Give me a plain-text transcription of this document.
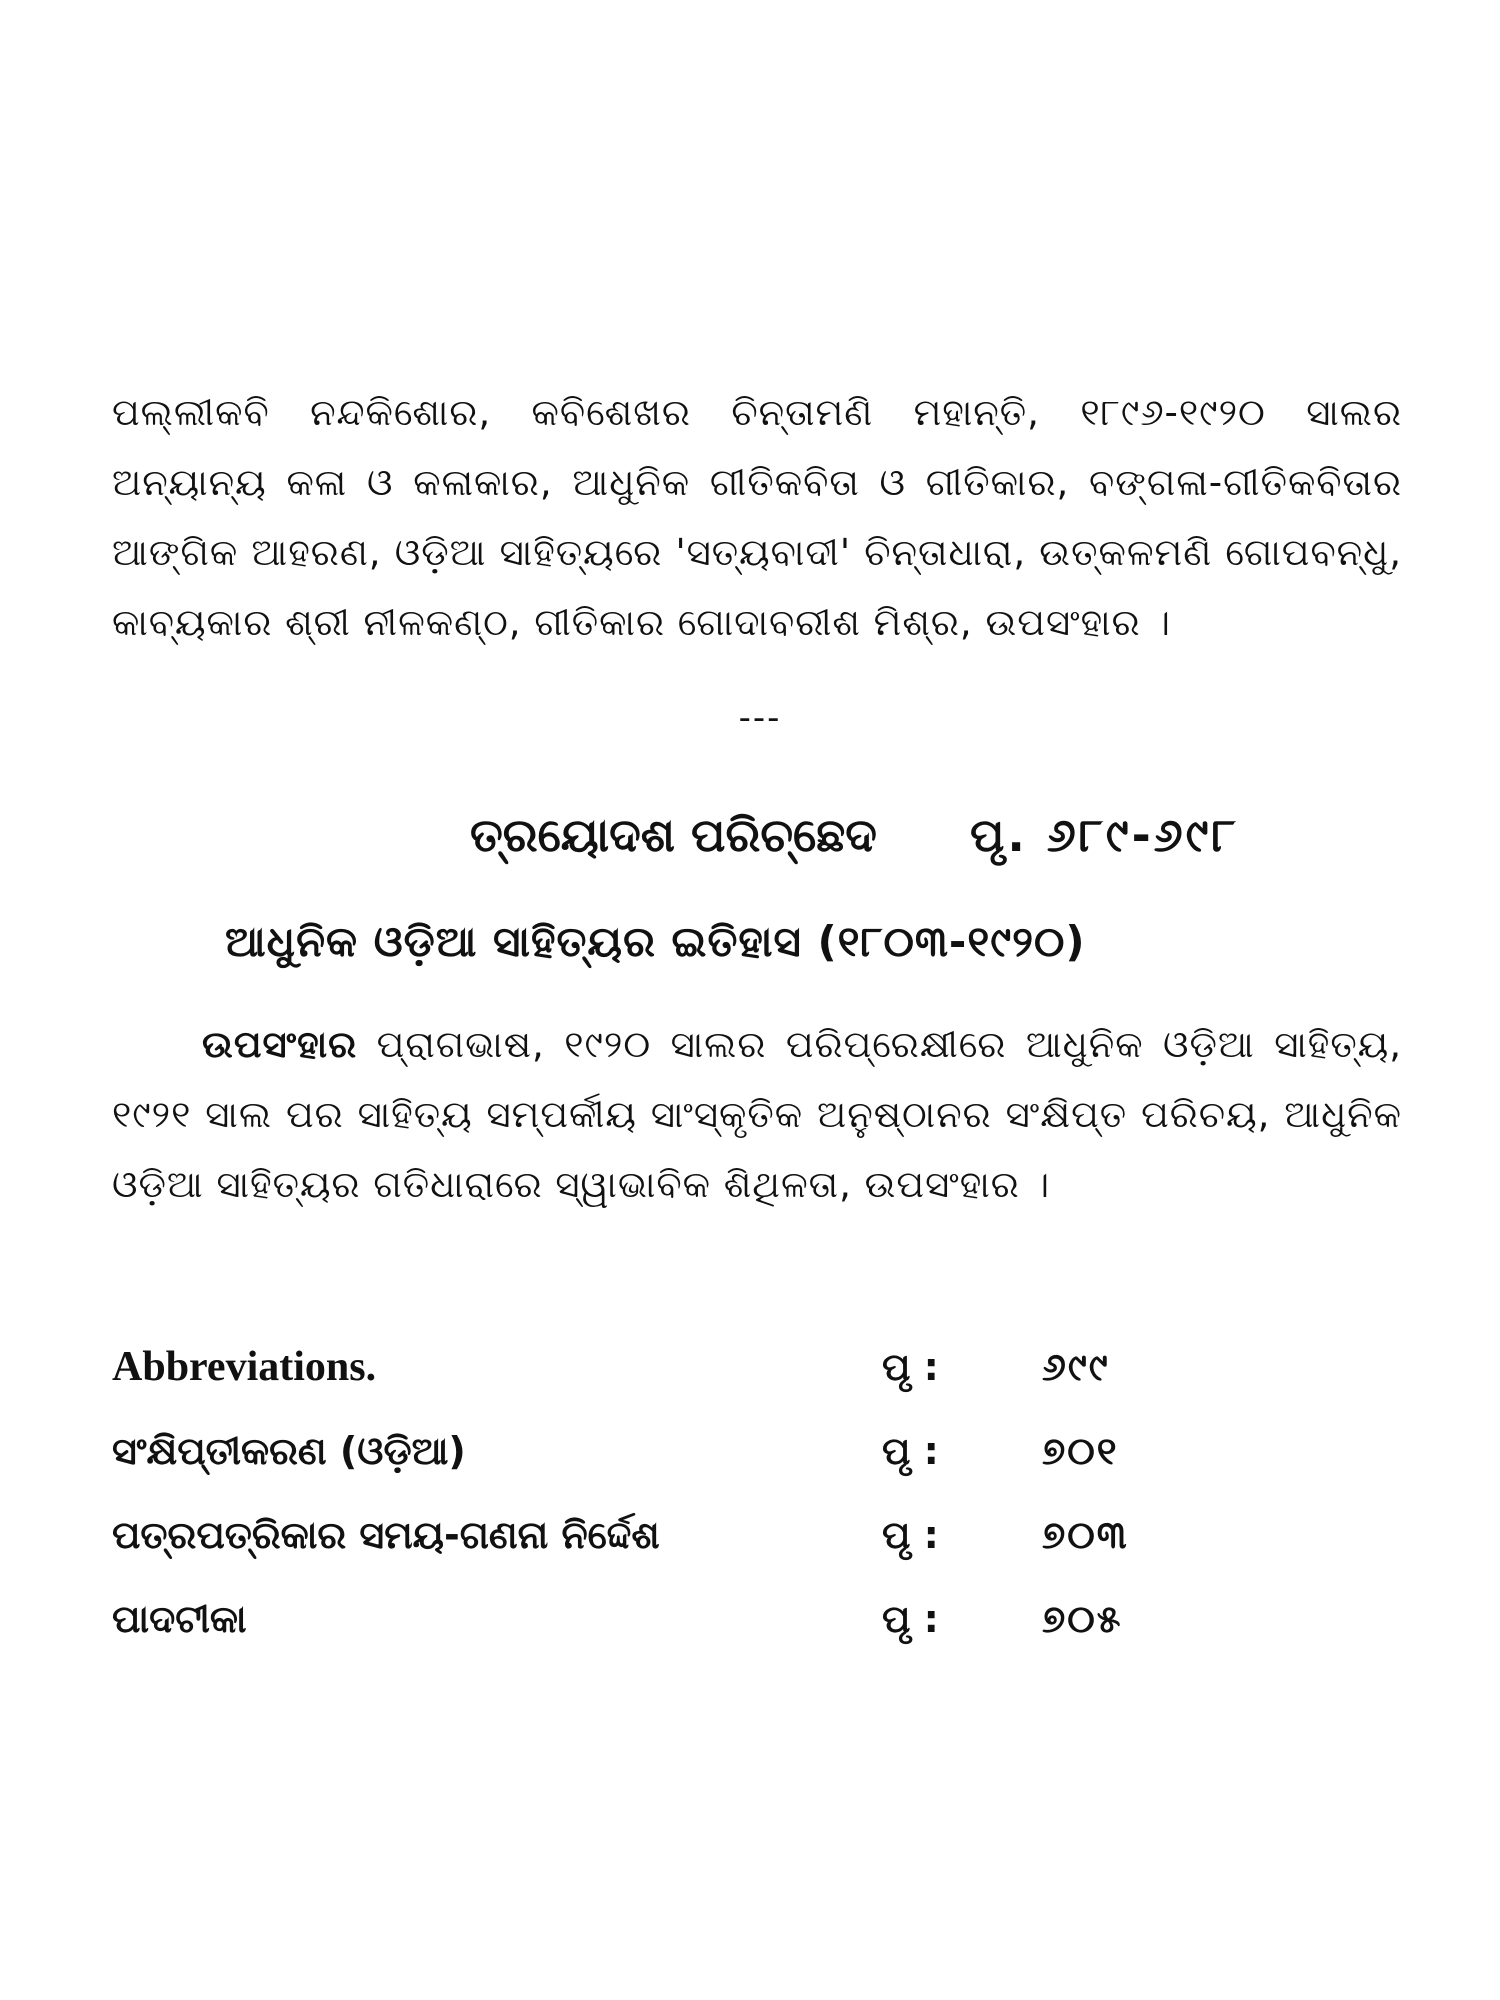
ପଲ୍ଲୀକବି ନନ୍ଦକିଶୋର, କବିଶେଖର ଚିନ୍ତାମଣି ମହାନ୍ତି, ୧୮୯୬-୧୯୨୦ ସାଲର ଅନ୍ୟାନ୍ୟ କଳା ଓ କଳାକାର, ଆଧୁନିକ ଗୀତିକବିତା ଓ ଗୀତିକାର, ବଙ୍ଗଳା-ଗୀତିକବିତାର ଆଙ୍ଗିକ ଆହରଣ, ଓଡ଼ିଆ ସାହିତ୍ୟରେ 'ସତ୍ୟବାଦୀ' ଚିନ୍ତାଧାରା, ଉତ୍କଳମଣି ଗୋପବନ୍ଧୁ, କାବ୍ୟକାର ଶ୍ରୀ ନୀଳକଣ୍ଠ, ଗୀତିକାର ଗୋଦାବରୀଶ ମିଶ୍ର, ଉପସଂହାର ।

---
ତ୍ରୟୋଦଶ ପରିଚ୍ଛେଦ ପୃ. ୬୮୯-୬୯୮
ଆଧୁନିକ ଓଡ଼ିଆ ସାହିତ୍ୟର ଇତିହାସ (୧୮୦୩-୧୯୨୦)

ଉପସଂହାର ପ୍ରାଗଭାଷ, ୧୯୨୦ ସାଲର ପରିପ୍ରେକ୍ଷୀରେ ଆଧୁନିକ ଓଡ଼ିଆ ସାହିତ୍ୟ, ୧୯୨୧ ସାଲ ପର ସାହିତ୍ୟ ସମ୍ପର୍କୀୟ ସାଂସ୍କୃତିକ ଅନୁଷ୍ଠାନର ସଂକ୍ଷିପ୍ତ ପରିଚୟ, ଆଧୁନିକ ଓଡ଼ିଆ ସାହିତ୍ୟର ଗତିଧାରାରେ ସ୍ୱାଭାବିକ ଶିଥିଳତା, ଉପସଂହାର ।

Abbreviations.	ପୃ :	୬୯୯
ସଂକ୍ଷିପ୍ତୀକରଣ (ଓଡ଼ିଆ)	ପୃ :	୭୦୧
ପତ୍ରପତ୍ରିକାର ସମୟ-ଗଣନା ନିର୍ଦ୍ଦେଶ	ପୃ :	୭୦୩
ପାଦଟୀକା	ପୃ :	୭୦୫
